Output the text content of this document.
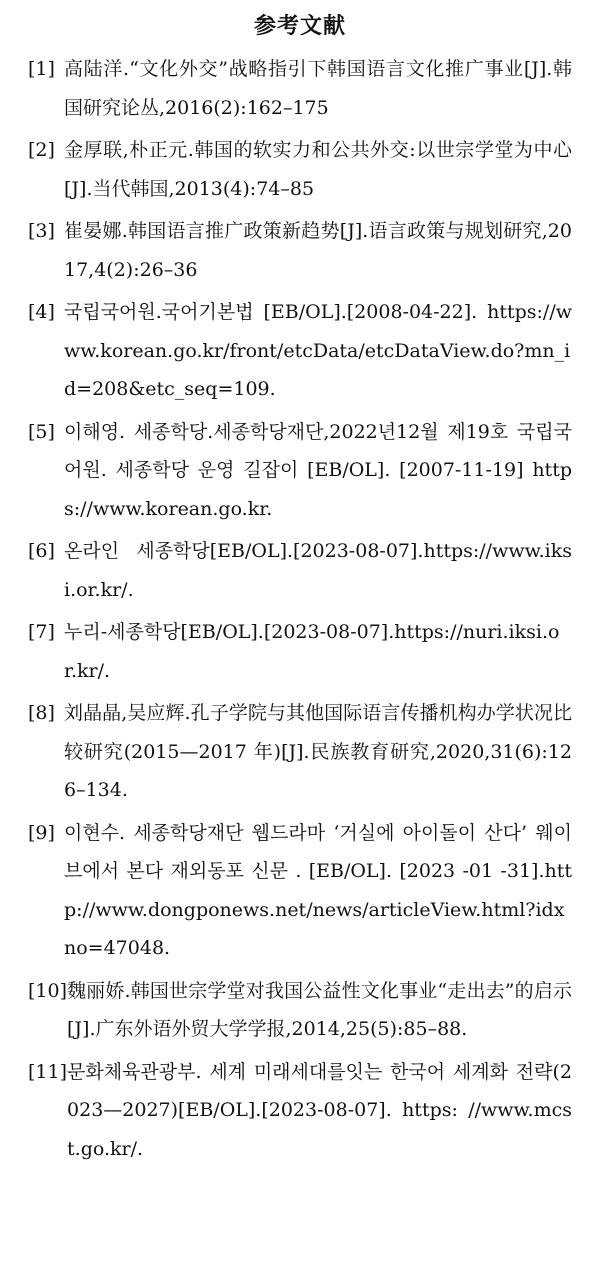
参考文献
[1] 高陆洋.“文化外交”战略指引下韩国语言文化推广事业[J].韩国研究论丛,2016(2):162–175
[2] 金厚联,朴正元.韩国的软实力和公共外交:以世宗学堂为中心[J].当代韩国,2013(4):74–85
[3] 崔晏娜.韩国语言推广政策新趋势[J].语言政策与规划研究,2017,4(2):26–36
[4] 국립국어원.국어기본법 [EB/OL].[2008-04-22]. https://www.korean.go.kr/front/etcData/etcDataView.do?mn_id=208&etc_seq=109.
[5] 이해영. 세종학당.세종학당재단,2022년12월 제19호 국립국어원. 세종학당 운영 길잡이 [EB/OL]. [2007-11-19] https://www.korean.go.kr.
[6] 온라인 세종학당[EB/OL].[2023-08-07].https://www.iksi.or.kr/.
[7] 누리-세종학당[EB/OL].[2023-08-07].https://nuri.iksi.or.kr/.
[8] 刘晶晶,吴应辉.孔子学院与其他国际语言传播机构办学状况比较研究(2015—2017 年)[J].民族教育研究,2020,31(6):126–134.
[9] 이현수. 세종학당재단 웹드라마 ‘거실에 아이돌이 산다’ 웨이브에서 본다 재외동포 신문 . [EB/OL]. [2023 -01 -31].http://www.dongponews.net/news/articleView.html?idxno=47048.
[10] 魏丽娇.韩国世宗学堂对我国公益性文化事业“走出去”的启示[J].广东外语外贸大学学报,2014,25(5):85–88.
[11] 문화체육관광부. 세계 미래세대를잇는 한국어 세계화 전략(2023—2027)[EB/OL].[2023-08-07]. https: //www.mcst.go.kr/.
